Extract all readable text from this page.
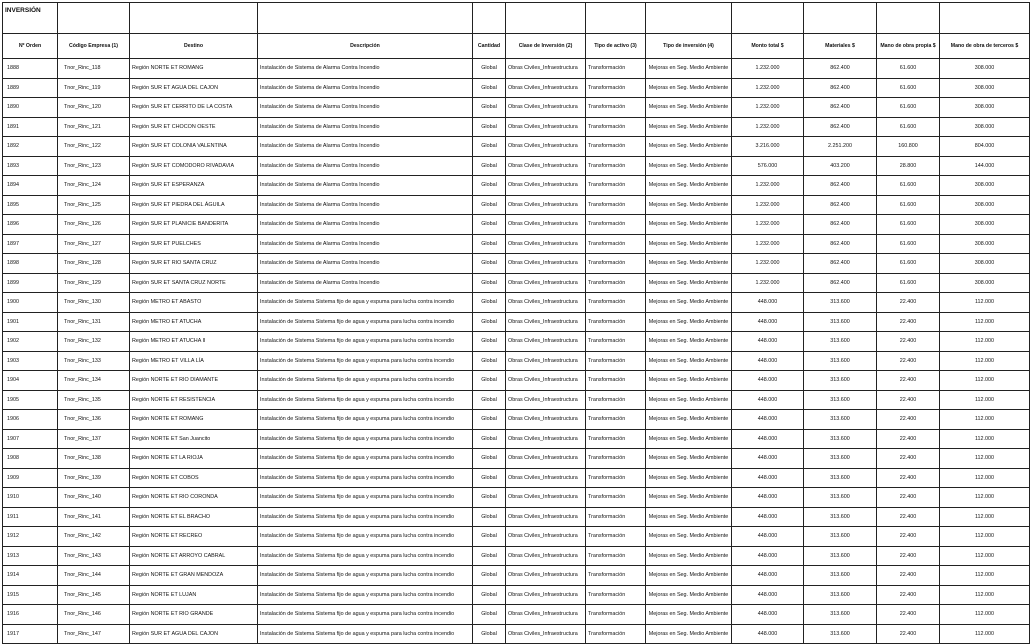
INVERSIÓN											
Nº Orden	Código Empresa (1)	Destino	Descripción	Cantidad	Clase de Inversión (2)	Tipo de activo (3)	Tipo de inversión (4)	Monto total $	Materiales $	Mano de obra propia $	Mano de obra de terceros $
1888	Tnor_Rinc_118	Región NORTE ET ROMANG	Instalación de Sistema de Alarma Contra Incendio	Global	Obras Civiles_Infraestructura	Transformación	Mejoras en Seg. Medio Ambiente	1.232.000	862.400	61.600	308.000
1889	Tnor_Rinc_119	Región SUR ET AGUA DEL CAJON	Instalación de Sistema de Alarma Contra Incendio	Global	Obras Civiles_Infraestructura	Transformación	Mejoras en Seg. Medio Ambiente	1.232.000	862.400	61.600	308.000
1890	Tnor_Rinc_120	Región SUR ET CERRITO DE LA COSTA	Instalación de Sistema de Alarma Contra Incendio	Global	Obras Civiles_Infraestructura	Transformación	Mejoras en Seg. Medio Ambiente	1.232.000	862.400	61.600	308.000
1891	Tnor_Rinc_121	Región SUR ET CHOCON OESTE	Instalación de Sistema de Alarma Contra Incendio	Global	Obras Civiles_Infraestructura	Transformación	Mejoras en Seg. Medio Ambiente	1.232.000	862.400	61.600	308.000
1892	Tnor_Rinc_122	Región SUR ET COLONIA VALENTINA	Instalación de Sistema de Alarma Contra Incendio	Global	Obras Civiles_Infraestructura	Transformación	Mejoras en Seg. Medio Ambiente	3.216.000	2.251.200	160.800	804.000
1893	Tnor_Rinc_123	Región SUR ET COMODORO RIVADAVIA	Instalación de Sistema de Alarma Contra Incendio	Global	Obras Civiles_Infraestructura	Transformación	Mejoras en Seg. Medio Ambiente	576.000	403.200	28.800	144.000
1894	Tnor_Rinc_124	Región SUR ET ESPERANZA	Instalación de Sistema de Alarma Contra Incendio	Global	Obras Civiles_Infraestructura	Transformación	Mejoras en Seg. Medio Ambiente	1.232.000	862.400	61.600	308.000
1895	Tnor_Rinc_125	Región SUR ET PIEDRA DEL ÁGUILA	Instalación de Sistema de Alarma Contra Incendio	Global	Obras Civiles_Infraestructura	Transformación	Mejoras en Seg. Medio Ambiente	1.232.000	862.400	61.600	308.000
1896	Tnor_Rinc_126	Región SUR ET PLANICIE BANDERITA	Instalación de Sistema de Alarma Contra Incendio	Global	Obras Civiles_Infraestructura	Transformación	Mejoras en Seg. Medio Ambiente	1.232.000	862.400	61.600	308.000
1897	Tnor_Rinc_127	Región SUR ET PUELCHES	Instalación de Sistema de Alarma Contra Incendio	Global	Obras Civiles_Infraestructura	Transformación	Mejoras en Seg. Medio Ambiente	1.232.000	862.400	61.600	308.000
1898	Tnor_Rinc_128	Región SUR ET RIO SANTA CRUZ	Instalación de Sistema de Alarma Contra Incendio	Global	Obras Civiles_Infraestructura	Transformación	Mejoras en Seg. Medio Ambiente	1.232.000	862.400	61.600	308.000
1899	Tnor_Rinc_129	Región SUR ET SANTA CRUZ NORTE	Instalación de Sistema de Alarma Contra Incendio	Global	Obras Civiles_Infraestructura	Transformación	Mejoras en Seg. Medio Ambiente	1.232.000	862.400	61.600	308.000
1900	Tnor_Rinc_130	Región METRO ET ABASTO	Instalación de Sistema Sistema fijo de agua y espuma para lucha contra incendio	Global	Obras Civiles_Infraestructura	Transformación	Mejoras en Seg. Medio Ambiente	448.000	313.600	22.400	112.000
1901	Tnor_Rinc_131	Región METRO ET ATUCHA	Instalación de Sistema Sistema fijo de agua y espuma para lucha contra incendio	Global	Obras Civiles_Infraestructura	Transformación	Mejoras en Seg. Medio Ambiente	448.000	313.600	22.400	112.000
1902	Tnor_Rinc_132	Región METRO ET ATUCHA II	Instalación de Sistema Sistema fijo de agua y espuma para lucha contra incendio	Global	Obras Civiles_Infraestructura	Transformación	Mejoras en Seg. Medio Ambiente	448.000	313.600	22.400	112.000
1903	Tnor_Rinc_133	Región METRO ET VILLA LÍA	Instalación de Sistema Sistema fijo de agua y espuma para lucha contra incendio	Global	Obras Civiles_Infraestructura	Transformación	Mejoras en Seg. Medio Ambiente	448.000	313.600	22.400	112.000
1904	Tnor_Rinc_134	Región NORTE ET RIO DIAMANTE	Instalación de Sistema Sistema fijo de agua y espuma para lucha contra incendio	Global	Obras Civiles_Infraestructura	Transformación	Mejoras en Seg. Medio Ambiente	448.000	313.600	22.400	112.000
1905	Tnor_Rinc_135	Región NORTE ET RESISTENCIA	Instalación de Sistema Sistema fijo de agua y espuma para lucha contra incendio	Global	Obras Civiles_Infraestructura	Transformación	Mejoras en Seg. Medio Ambiente	448.000	313.600	22.400	112.000
1906	Tnor_Rinc_136	Región NORTE ET ROMANG	Instalación de Sistema Sistema fijo de agua y espuma para lucha contra incendio	Global	Obras Civiles_Infraestructura	Transformación	Mejoras en Seg. Medio Ambiente	448.000	313.600	22.400	112.000
1907	Tnor_Rinc_137	Región NORTE ET San Juancito	Instalación de Sistema Sistema fijo de agua y espuma para lucha contra incendio	Global	Obras Civiles_Infraestructura	Transformación	Mejoras en Seg. Medio Ambiente	448.000	313.600	22.400	112.000
1908	Tnor_Rinc_138	Región NORTE ET LA RIOJA	Instalación de Sistema Sistema fijo de agua y espuma para lucha contra incendio	Global	Obras Civiles_Infraestructura	Transformación	Mejoras en Seg. Medio Ambiente	448.000	313.600	22.400	112.000
1909	Tnor_Rinc_139	Región NORTE ET COBOS	Instalación de Sistema Sistema fijo de agua y espuma para lucha contra incendio	Global	Obras Civiles_Infraestructura	Transformación	Mejoras en Seg. Medio Ambiente	448.000	313.600	22.400	112.000
1910	Tnor_Rinc_140	Región NORTE ET RIO CORONDA	Instalación de Sistema Sistema fijo de agua y espuma para lucha contra incendio	Global	Obras Civiles_Infraestructura	Transformación	Mejoras en Seg. Medio Ambiente	448.000	313.600	22.400	112.000
1911	Tnor_Rinc_141	Región NORTE ET EL BRACHO	Instalación de Sistema Sistema fijo de agua y espuma para lucha contra incendio	Global	Obras Civiles_Infraestructura	Transformación	Mejoras en Seg. Medio Ambiente	448.000	313.600	22.400	112.000
1912	Tnor_Rinc_142	Región NORTE ET RECREO	Instalación de Sistema Sistema fijo de agua y espuma para lucha contra incendio	Global	Obras Civiles_Infraestructura	Transformación	Mejoras en Seg. Medio Ambiente	448.000	313.600	22.400	112.000
1913	Tnor_Rinc_143	Región NORTE ET ARROYO CABRAL	Instalación de Sistema Sistema fijo de agua y espuma para lucha contra incendio	Global	Obras Civiles_Infraestructura	Transformación	Mejoras en Seg. Medio Ambiente	448.000	313.600	22.400	112.000
1914	Tnor_Rinc_144	Región NORTE ET GRAN MENDOZA	Instalación de Sistema Sistema fijo de agua y espuma para lucha contra incendio	Global	Obras Civiles_Infraestructura	Transformación	Mejoras en Seg. Medio Ambiente	448.000	313.600	22.400	112.000
1915	Tnor_Rinc_145	Región NORTE ET LUJAN	Instalación de Sistema Sistema fijo de agua y espuma para lucha contra incendio	Global	Obras Civiles_Infraestructura	Transformación	Mejoras en Seg. Medio Ambiente	448.000	313.600	22.400	112.000
1916	Tnor_Rinc_146	Región NORTE ET RIO GRANDE	Instalación de Sistema Sistema fijo de agua y espuma para lucha contra incendio	Global	Obras Civiles_Infraestructura	Transformación	Mejoras en Seg. Medio Ambiente	448.000	313.600	22.400	112.000
1917	Tnor_Rinc_147	Región SUR ET AGUA DEL CAJON	Instalación de Sistema Sistema fijo de agua y espuma para lucha contra incendio	Global	Obras Civiles_Infraestructura	Transformación	Mejoras en Seg. Medio Ambiente	448.000	313.600	22.400	112.000
